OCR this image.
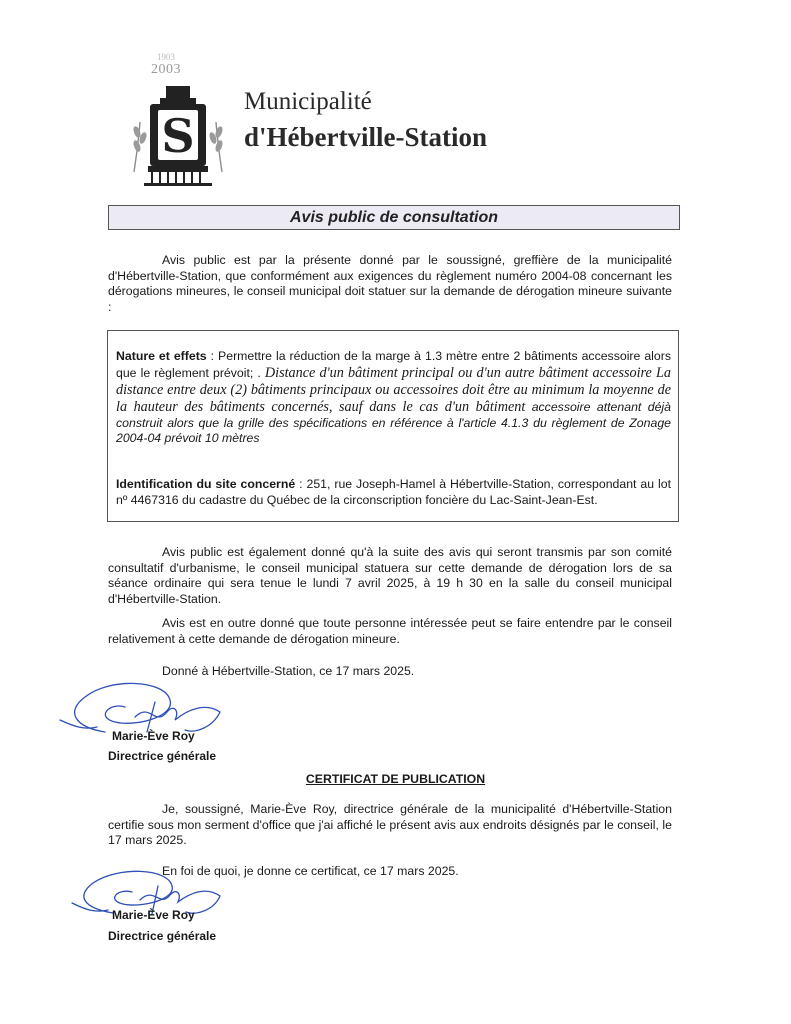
1903
2003
S
Municipalité
d'Hébertville-Station
Avis public de consultation
Avis public est par la présente donné par le soussigné, greffière de la municipalité d'Hébertville-Station, que conformément aux exigences du règlement numéro 2004-08 concernant les dérogations mineures, le conseil municipal doit statuer sur la demande de dérogation mineure suivante :
Nature et effets : Permettre la réduction de la marge à 1.3 mètre entre 2 bâtiments accessoire alors que le règlement prévoit; . Distance d'un bâtiment principal ou d'un autre bâtiment accessoire La distance entre deux (2) bâtiments principaux ou accessoires doit être au minimum la moyenne de la hauteur des bâtiments concernés, sauf dans le cas d'un bâtiment accessoire attenant déjà construit alors que la grille des spécifications en référence à l'article 4.1.3 du règlement de Zonage 2004-04 prévoit 10 mètres
Identification du site concerné : 251, rue Joseph-Hamel à Hébertville-Station, correspondant au lot nº 4467316 du cadastre du Québec de la circonscription foncière du Lac-Saint-Jean-Est.
Avis public est également donné qu'à la suite des avis qui seront transmis par son comité consultatif d'urbanisme, le conseil municipal statuera sur cette demande de dérogation lors de sa séance ordinaire qui sera tenue le lundi 7 avril 2025, à 19 h 30 en la salle du conseil municipal d'Hébertville-Station.
Avis est en outre donné que toute personne intéressée peut se faire entendre par le conseil relativement à cette demande de dérogation mineure.
Donné à Hébertville-Station, ce 17 mars 2025.
Marie-Ève Roy
Directrice générale
CERTIFICAT DE PUBLICATION
Je, soussigné, Marie-Ève Roy, directrice générale de la municipalité d'Hébertville-Station certifie sous mon serment d'office que j'ai affiché le présent avis aux endroits désignés par le conseil, le 17 mars 2025.
En foi de quoi, je donne ce certificat, ce 17 mars 2025.
Marie-Ève Roy
Directrice générale
